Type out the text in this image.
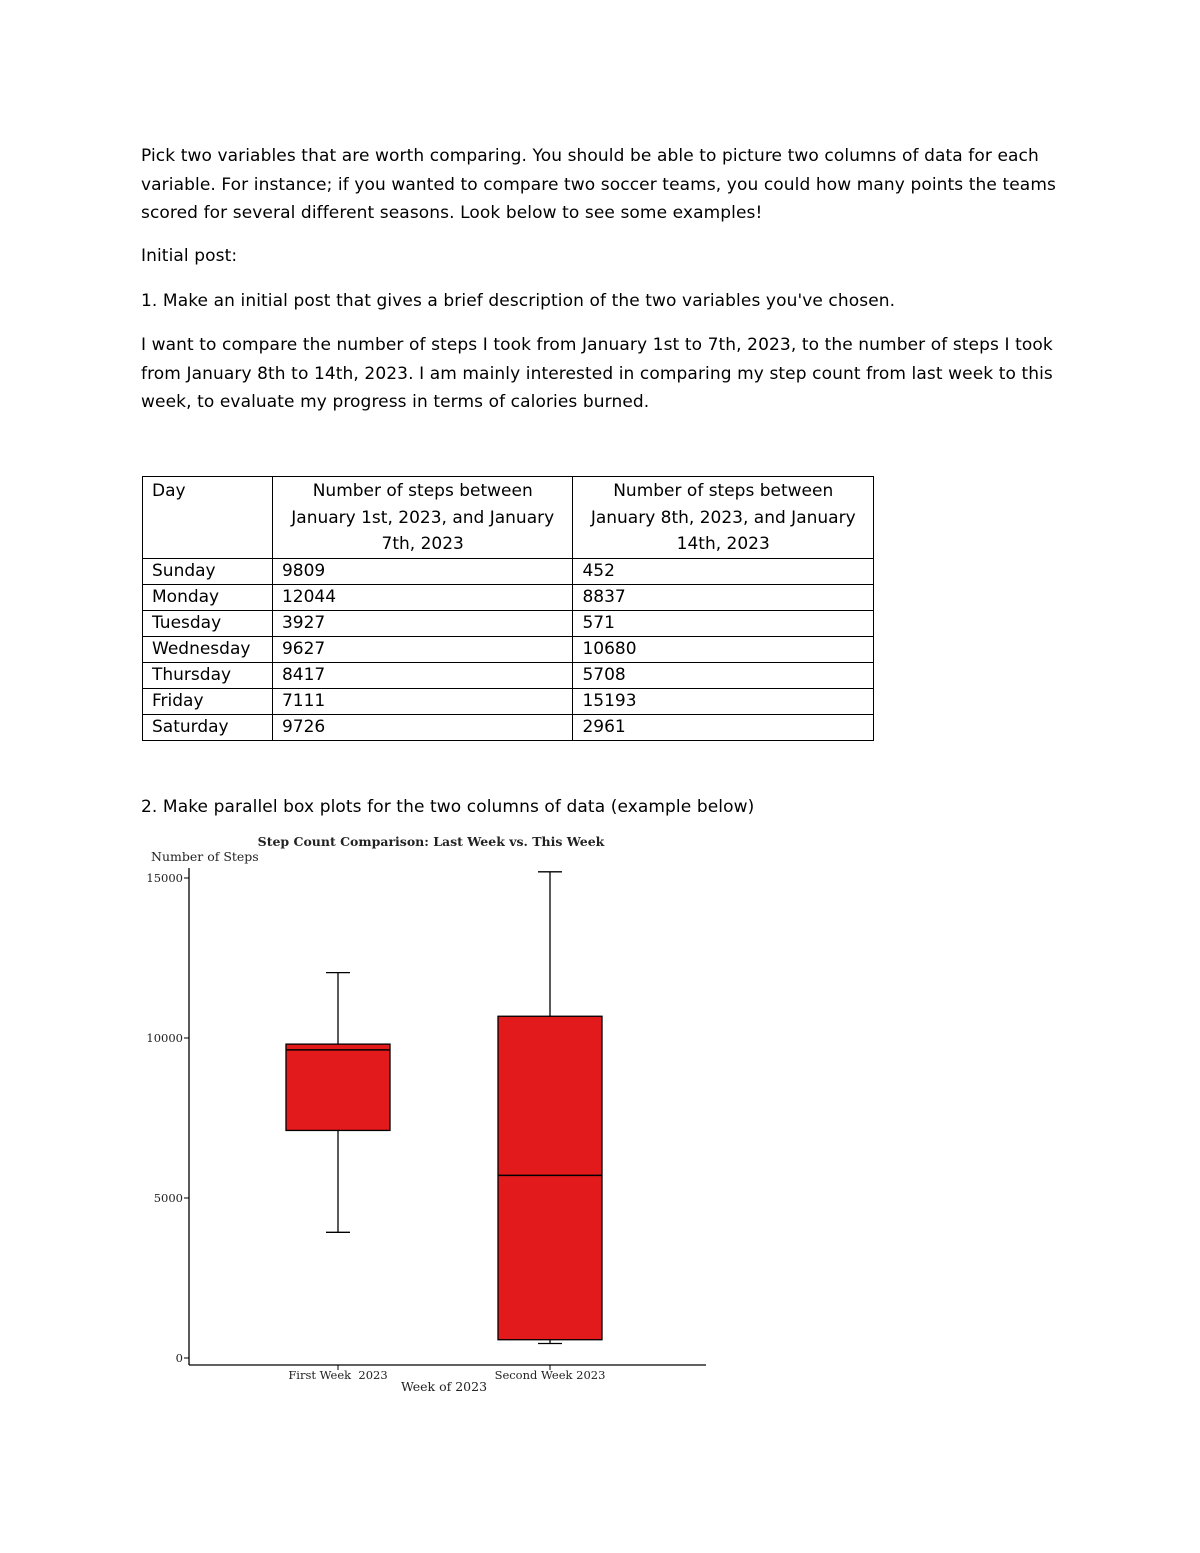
Pick two variables that are worth comparing. You should be able to picture two columns of data for each variable. For instance; if you wanted to compare two soccer teams, you could how many points the teams scored for several different seasons. Look below to see some examples!

Initial post:

1. Make an initial post that gives a brief description of the two variables you've chosen.

I want to compare the number of steps I took from January 1st to 7th, 2023, to the number of steps I took from January 8th to 14th, 2023. I am mainly interested in comparing my step count from last week to this week, to evaluate my progress in terms of calories burned.

Day	Number of steps between January 1st, 2023, and January 7th, 2023	Number of steps between January 8th, 2023, and January 14th, 2023
Sunday	9809	452
Monday	12044	8837
Tuesday	3927	571
Wednesday	9627	10680
Thursday	8417	5708
Friday	7111	15193
Saturday	9726	2961

2. Make parallel box plots for the two columns of data (example below)

Step Count Comparison: Last Week vs. This Week
Number of Steps
Week of 2023
0
5000
10000
15000
First Week  2023	Second Week 2023
